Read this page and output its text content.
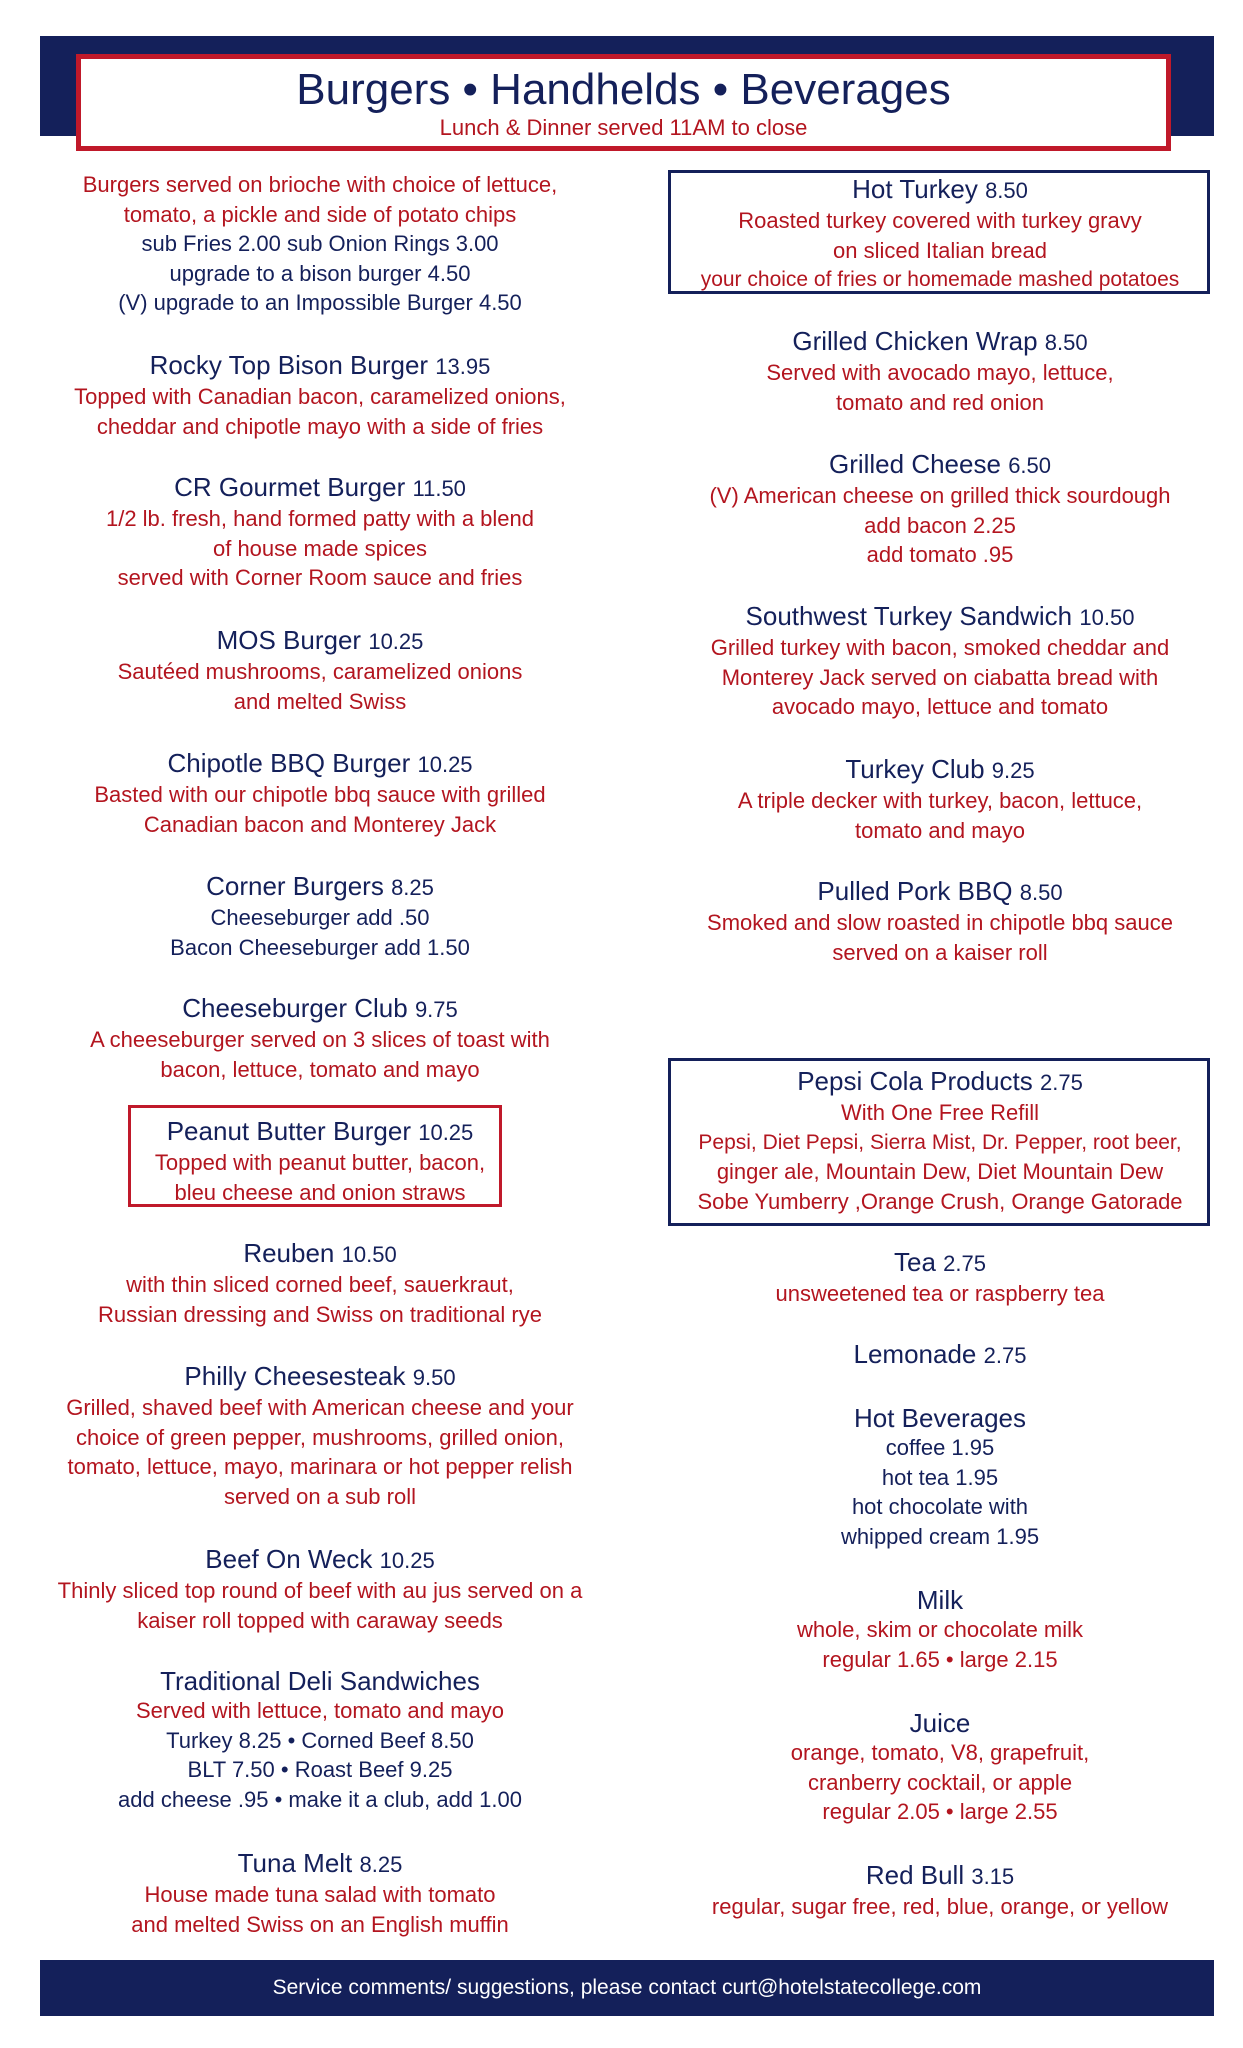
Burgers • Handhelds • Beverages
Lunch & Dinner served 11AM to close
Burgers served on brioche with choice of lettuce,
tomato, a pickle and side of potato chips
sub Fries 2.00 sub Onion Rings 3.00
upgrade to a bison burger 4.50
(V) upgrade to an Impossible Burger 4.50
Rocky Top Bison Burger 13.95
Topped with Canadian bacon, caramelized onions,
cheddar and chipotle mayo with a side of fries
CR Gourmet Burger 11.50
1/2 lb. fresh, hand formed patty with a blend
of house made spices
served with Corner Room sauce and fries
MOS Burger 10.25
Sautéed mushrooms, caramelized onions
and melted Swiss
Chipotle BBQ Burger 10.25
Basted with our chipotle bbq sauce with grilled
Canadian bacon and Monterey Jack
Corner Burgers 8.25
Cheeseburger add .50
Bacon Cheeseburger add 1.50
Cheeseburger Club 9.75
A cheeseburger served on 3 slices of toast with
bacon, lettuce, tomato and mayo
Peanut Butter Burger 10.25
Topped with peanut butter, bacon,
bleu cheese and onion straws
Reuben 10.50
with thin sliced corned beef, sauerkraut,
Russian dressing and Swiss on traditional rye
Philly Cheesesteak 9.50
Grilled, shaved beef with American cheese and your
choice of green pepper, mushrooms, grilled onion,
tomato, lettuce, mayo, marinara or hot pepper relish
served on a sub roll
Beef On Weck 10.25
Thinly sliced top round of beef with au jus served on a
kaiser roll topped with caraway seeds
Traditional Deli Sandwiches
Served with lettuce, tomato and mayo
Turkey 8.25 • Corned Beef 8.50
BLT 7.50 • Roast Beef 9.25
add cheese .95 • make it a club, add 1.00
Tuna Melt 8.25
House made tuna salad with tomato
and melted Swiss on an English muffin
Hot Turkey 8.50
Roasted turkey covered with turkey gravy
on sliced Italian bread
your choice of fries or homemade mashed potatoes
Grilled Chicken Wrap 8.50
Served with avocado mayo, lettuce,
tomato and red onion
Grilled Cheese 6.50
(V) American cheese on grilled thick sourdough
add bacon 2.25
add tomato .95
Southwest Turkey Sandwich 10.50
Grilled turkey with bacon, smoked cheddar and
Monterey Jack served on ciabatta bread with
avocado mayo, lettuce and tomato
Turkey Club 9.25
A triple decker with turkey, bacon, lettuce,
tomato and mayo
Pulled Pork BBQ 8.50
Smoked and slow roasted in chipotle bbq sauce
served on a kaiser roll
Pepsi Cola Products 2.75
With One Free Refill
Pepsi, Diet Pepsi, Sierra Mist, Dr. Pepper, root beer,
ginger ale, Mountain Dew, Diet Mountain Dew
Sobe Yumberry ,Orange Crush, Orange Gatorade
Tea 2.75
unsweetened tea or raspberry tea
Lemonade 2.75
Hot Beverages
coffee 1.95
hot tea 1.95
hot chocolate with
whipped cream 1.95
Milk
whole, skim or chocolate milk
regular 1.65 • large 2.15
Juice
orange, tomato, V8, grapefruit,
cranberry cocktail, or apple
regular 2.05 • large 2.55
Red Bull 3.15
regular, sugar free, red, blue, orange, or yellow
Service comments/ suggestions, please contact curt@hotelstatecollege.com
